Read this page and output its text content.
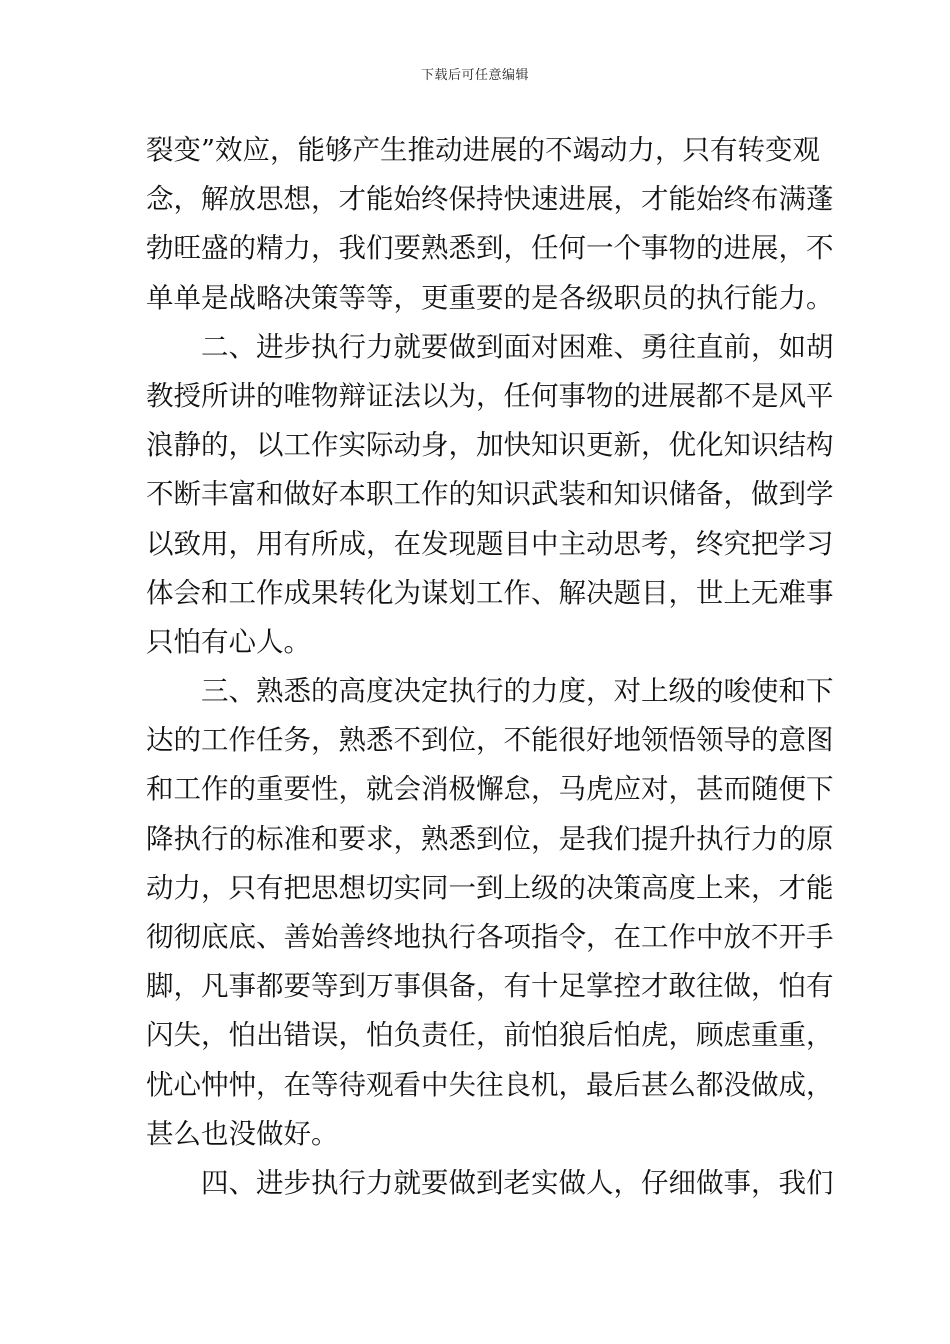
下载后可任意编辑
裂变”效应，能够产生推动进展的不竭动力，只有转变观
念，解放思想，才能始终保持快速进展，才能始终布满蓬
勃旺盛的精力，我们要熟悉到，任何一个事物的进展，不
单单是战略决策等等，更重要的是各级职员的执行能力。
二、进步执行力就要做到面对困难、勇往直前，如胡
教授所讲的唯物辩证法以为，任何事物的进展都不是风平
浪静的，以工作实际动身，加快知识更新，优化知识结构
不断丰富和做好本职工作的知识武装和知识储备，做到学
以致用，用有所成，在发现题目中主动思考，终究把学习
体会和工作成果转化为谋划工作、解决题目，世上无难事
只怕有心人。
三、熟悉的高度决定执行的力度，对上级的唆使和下
达的工作任务，熟悉不到位，不能很好地领悟领导的意图
和工作的重要性，就会消极懈怠，马虎应对，甚而随便下
降执行的标准和要求，熟悉到位，是我们提升执行力的原
动力，只有把思想切实同一到上级的决策高度上来，才能
彻彻底底、善始善终地执行各项指令，在工作中放不开手
脚，凡事都要等到万事俱备，有十足掌控才敢往做，怕有
闪失，怕出错误，怕负责任，前怕狼后怕虎，顾虑重重，
忧心忡忡，在等待观看中失往良机，最后甚么都没做成，
甚么也没做好。
四、进步执行力就要做到老实做人，仔细做事，我们
